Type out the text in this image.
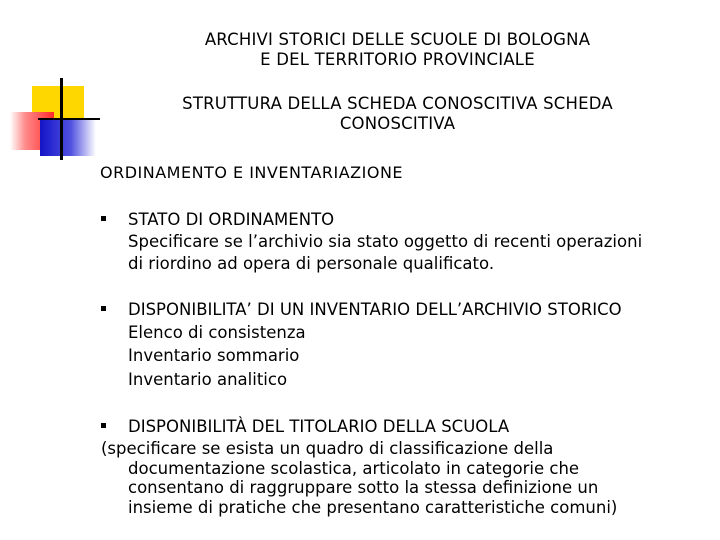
ARCHIVI STORICI DELLE SCUOLE DI BOLOGNA
E DEL TERRITORIO PROVINCIALE
STRUTTURA DELLA SCHEDA CONOSCITIVA SCHEDA
CONOSCITIVA
ORDINAMENTO E INVENTARIAZIONE
STATO DI ORDINAMENTO
Specificare se l’archivio sia stato oggetto di recenti operazioni
di riordino ad opera di personale qualificato.
DISPONIBILITA’ DI UN INVENTARIO DELL’ARCHIVIO STORICO
Elenco di consistenza
Inventario sommario
Inventario analitico
DISPONIBILITÀ DEL TITOLARIO DELLA SCUOLA
(specificare se esista un quadro di classificazione della
documentazione scolastica, articolato in categorie che
consentano di raggruppare sotto la stessa definizione un
insieme di pratiche che presentano caratteristiche comuni)
